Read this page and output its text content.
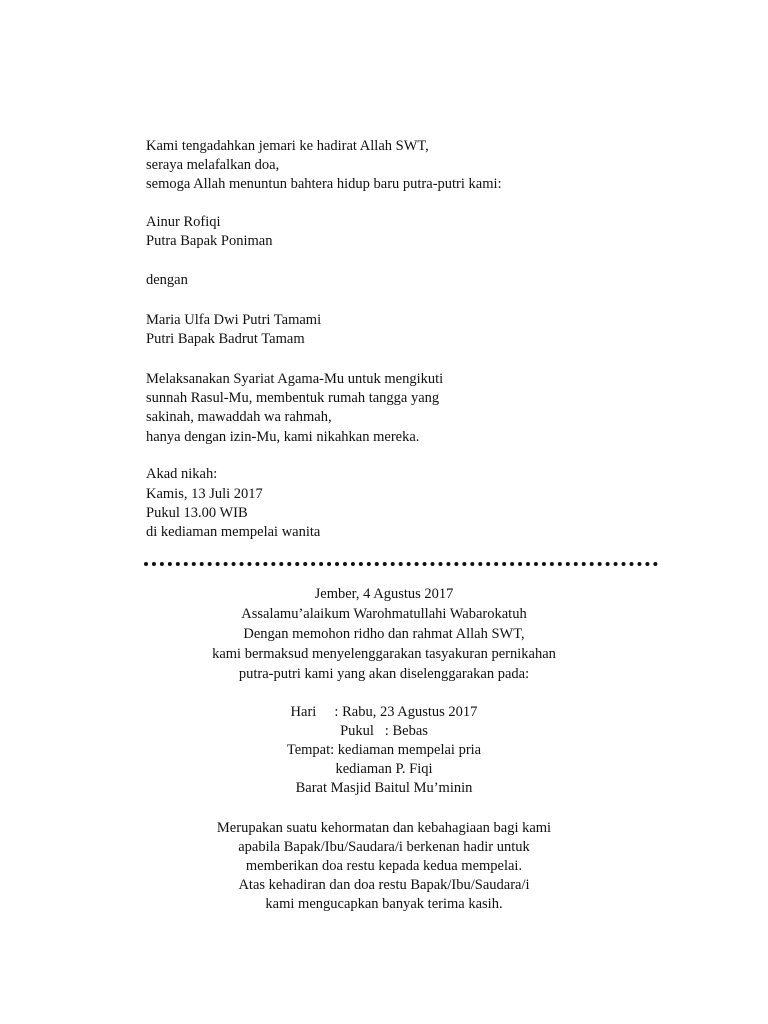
Kami tengadahkan jemari ke hadirat Allah SWT,
seraya melafalkan doa,
semoga Allah menuntun bahtera hidup baru putra-putri kami:
Ainur Rofiqi
Putra Bapak Poniman
dengan
Maria Ulfa Dwi Putri Tamami
Putri Bapak Badrut Tamam
Melaksanakan Syariat Agama-Mu untuk mengikuti
sunnah Rasul-Mu, membentuk rumah tangga yang
sakinah, mawaddah wa rahmah,
hanya dengan izin-Mu, kami nikahkan mereka.
Akad nikah:
Kamis, 13 Juli 2017
Pukul 13.00 WIB
di kediaman mempelai wanita
Jember, 4 Agustus 2017
Assalamu’alaikum Warohmatullahi Wabarokatuh
Dengan memohon ridho dan rahmat Allah SWT,
kami bermaksud menyelenggarakan tasyakuran pernikahan
putra-putri kami yang akan diselenggarakan pada:
Hari     : Rabu, 23 Agustus 2017
Pukul   : Bebas
Tempat: kediaman mempelai pria
kediaman P. Fiqi
Barat Masjid Baitul Mu’minin
Merupakan suatu kehormatan dan kebahagiaan bagi kami
apabila Bapak/Ibu/Saudara/i berkenan hadir untuk
memberikan doa restu kepada kedua mempelai.
Atas kehadiran dan doa restu Bapak/Ibu/Saudara/i
kami mengucapkan banyak terima kasih.
